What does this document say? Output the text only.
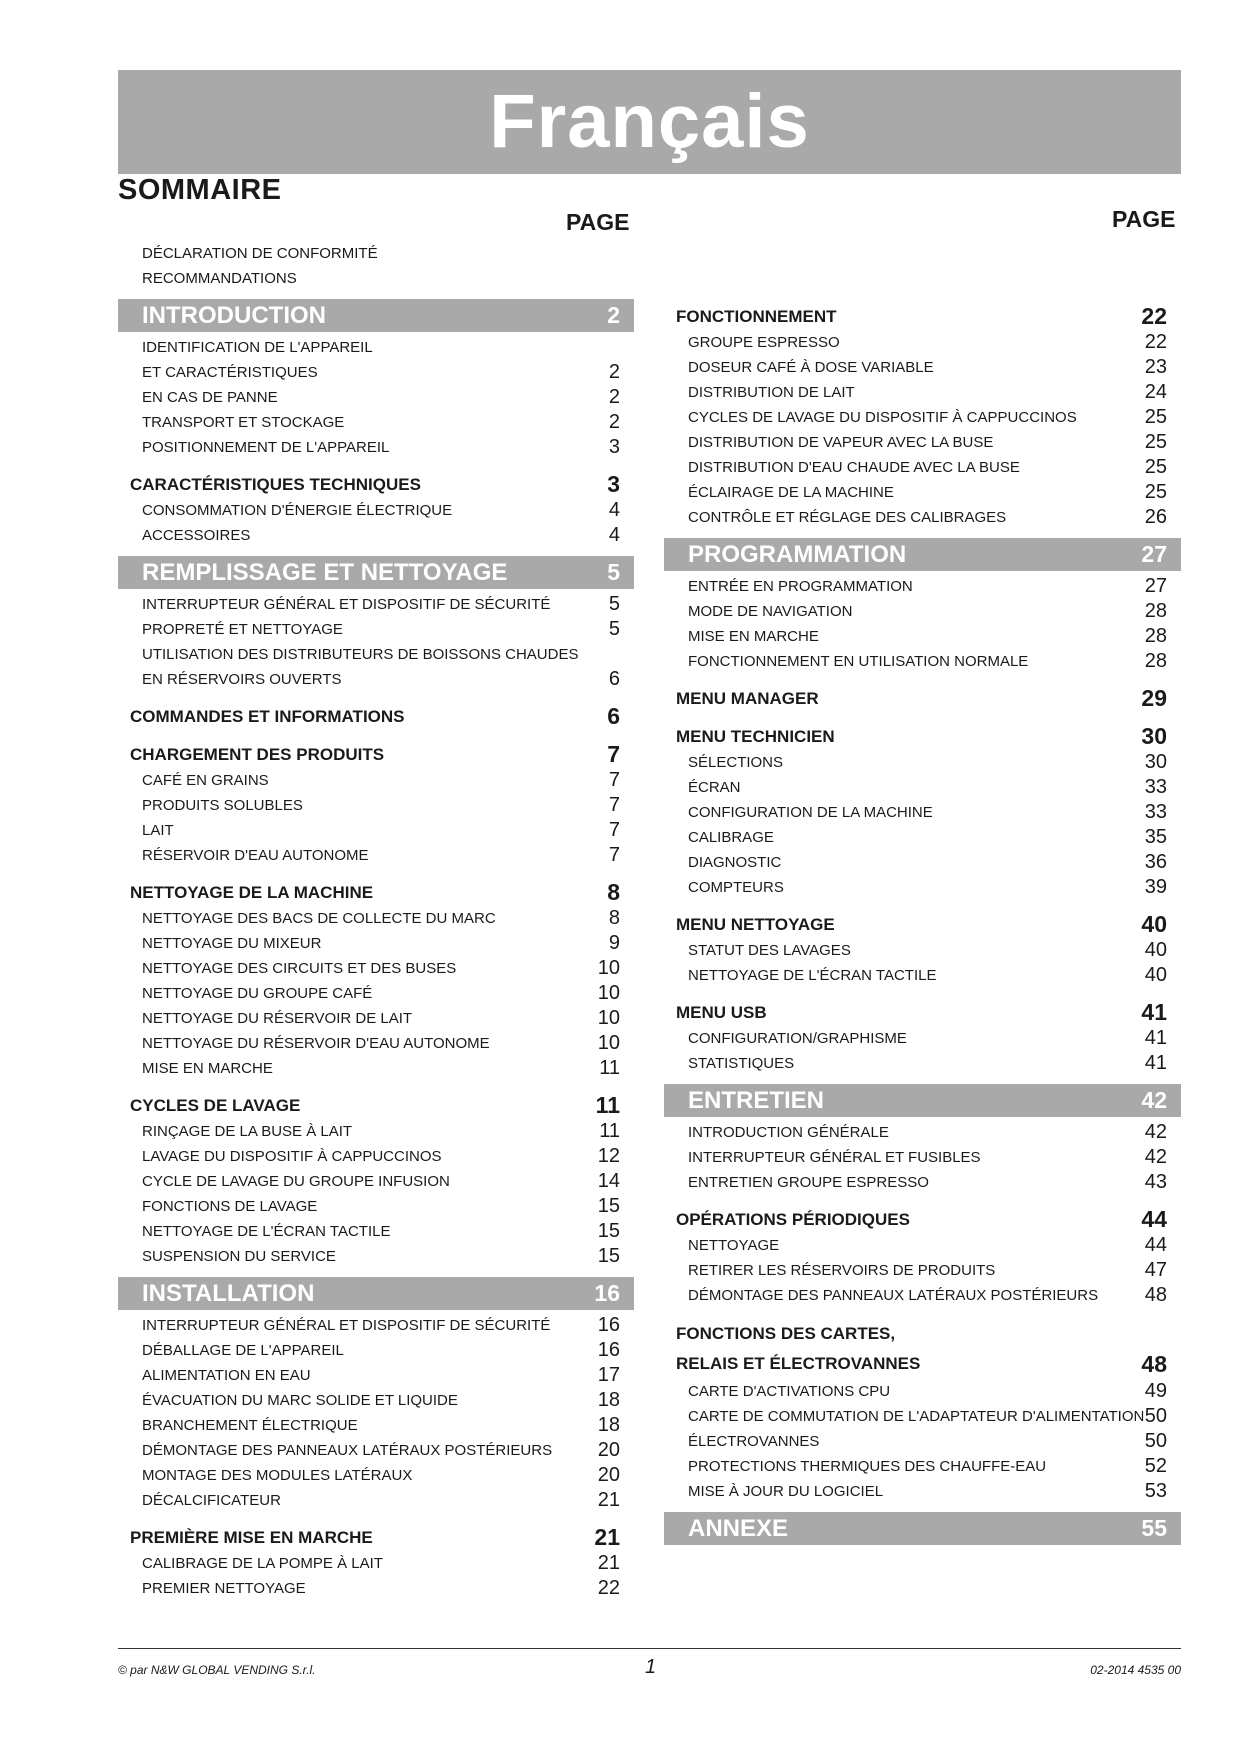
Français
SOMMAIRE
PAGE	PAGE
DÉCLARATION DE CONFORMITÉ
RECOMMANDATIONS
INTRODUCTION	2
IDENTIFICATION DE L'APPAREIL
ET CARACTÉRISTIQUES	2
EN CAS DE PANNE	2
TRANSPORT ET STOCKAGE	2
POSITIONNEMENT DE L'APPAREIL	3
CARACTÉRISTIQUES TECHNIQUES	3
CONSOMMATION D'ÉNERGIE ÉLECTRIQUE	4
ACCESSOIRES	4
REMPLISSAGE ET NETTOYAGE	5
INTERRUPTEUR GÉNÉRAL ET DISPOSITIF DE SÉCURITÉ	5
PROPRETÉ ET NETTOYAGE	5
UTILISATION DES DISTRIBUTEURS DE BOISSONS CHAUDES
EN RÉSERVOIRS OUVERTS	6
COMMANDES ET INFORMATIONS	6
CHARGEMENT DES PRODUITS	7
CAFÉ EN GRAINS	7
PRODUITS SOLUBLES	7
LAIT	7
RÉSERVOIR D'EAU AUTONOME	7
NETTOYAGE DE LA MACHINE	8
NETTOYAGE DES BACS DE COLLECTE DU MARC	8
NETTOYAGE DU MIXEUR	9
NETTOYAGE DES CIRCUITS ET DES BUSES	10
NETTOYAGE DU GROUPE CAFÉ	10
NETTOYAGE DU RÉSERVOIR DE LAIT	10
NETTOYAGE DU RÉSERVOIR D'EAU AUTONOME	10
MISE EN MARCHE	11
CYCLES DE LAVAGE	11
RINÇAGE DE LA BUSE À LAIT	11
LAVAGE DU DISPOSITIF À CAPPUCCINOS	12
CYCLE DE LAVAGE DU GROUPE INFUSION	14
FONCTIONS DE LAVAGE	15
NETTOYAGE DE L'ÉCRAN TACTILE	15
SUSPENSION DU SERVICE	15
INSTALLATION	16
INTERRUPTEUR GÉNÉRAL ET DISPOSITIF DE SÉCURITÉ	16
DÉBALLAGE DE L'APPAREIL	16
ALIMENTATION EN EAU	17
ÉVACUATION DU MARC SOLIDE ET LIQUIDE	18
BRANCHEMENT ÉLECTRIQUE	18
DÉMONTAGE DES PANNEAUX LATÉRAUX POSTÉRIEURS	20
MONTAGE DES MODULES LATÉRAUX	20
DÉCALCIFICATEUR	21
PREMIÈRE MISE EN MARCHE	21
CALIBRAGE DE LA POMPE À LAIT	21
PREMIER NETTOYAGE	22
FONCTIONNEMENT	22
GROUPE ESPRESSO	22
DOSEUR CAFÉ À DOSE VARIABLE	23
DISTRIBUTION DE LAIT	24
CYCLES DE LAVAGE DU DISPOSITIF À CAPPUCCINOS	25
DISTRIBUTION DE VAPEUR AVEC LA BUSE	25
DISTRIBUTION D'EAU CHAUDE AVEC LA BUSE	25
ÉCLAIRAGE DE LA MACHINE	25
CONTRÔLE ET RÉGLAGE DES CALIBRAGES	26
PROGRAMMATION	27
ENTRÉE EN PROGRAMMATION	27
MODE DE NAVIGATION	28
MISE EN MARCHE	28
FONCTIONNEMENT EN UTILISATION NORMALE	28
MENU MANAGER	29
MENU TECHNICIEN	30
SÉLECTIONS	30
ÉCRAN	33
CONFIGURATION DE LA MACHINE	33
CALIBRAGE	35
DIAGNOSTIC	36
COMPTEURS	39
MENU NETTOYAGE	40
STATUT DES LAVAGES	40
NETTOYAGE DE L'ÉCRAN TACTILE	40
MENU USB	41
CONFIGURATION/GRAPHISME	41
STATISTIQUES	41
ENTRETIEN	42
INTRODUCTION GÉNÉRALE	42
INTERRUPTEUR GÉNÉRAL ET FUSIBLES	42
ENTRETIEN GROUPE ESPRESSO	43
OPÉRATIONS PÉRIODIQUES	44
NETTOYAGE	44
RETIRER LES RÉSERVOIRS DE PRODUITS	47
DÉMONTAGE DES PANNEAUX LATÉRAUX POSTÉRIEURS	48
FONCTIONS DES CARTES,
RELAIS ET ÉLECTROVANNES	48
CARTE D'ACTIVATIONS CPU	49
CARTE DE COMMUTATION DE L'ADAPTATEUR D'ALIMENTATION 50
ÉLECTROVANNES	50
PROTECTIONS THERMIQUES DES CHAUFFE-EAU	52
MISE À JOUR DU LOGICIEL	53
ANNEXE	55
© par N&W GLOBAL VENDING S.r.l.	1	02-2014 4535 00
